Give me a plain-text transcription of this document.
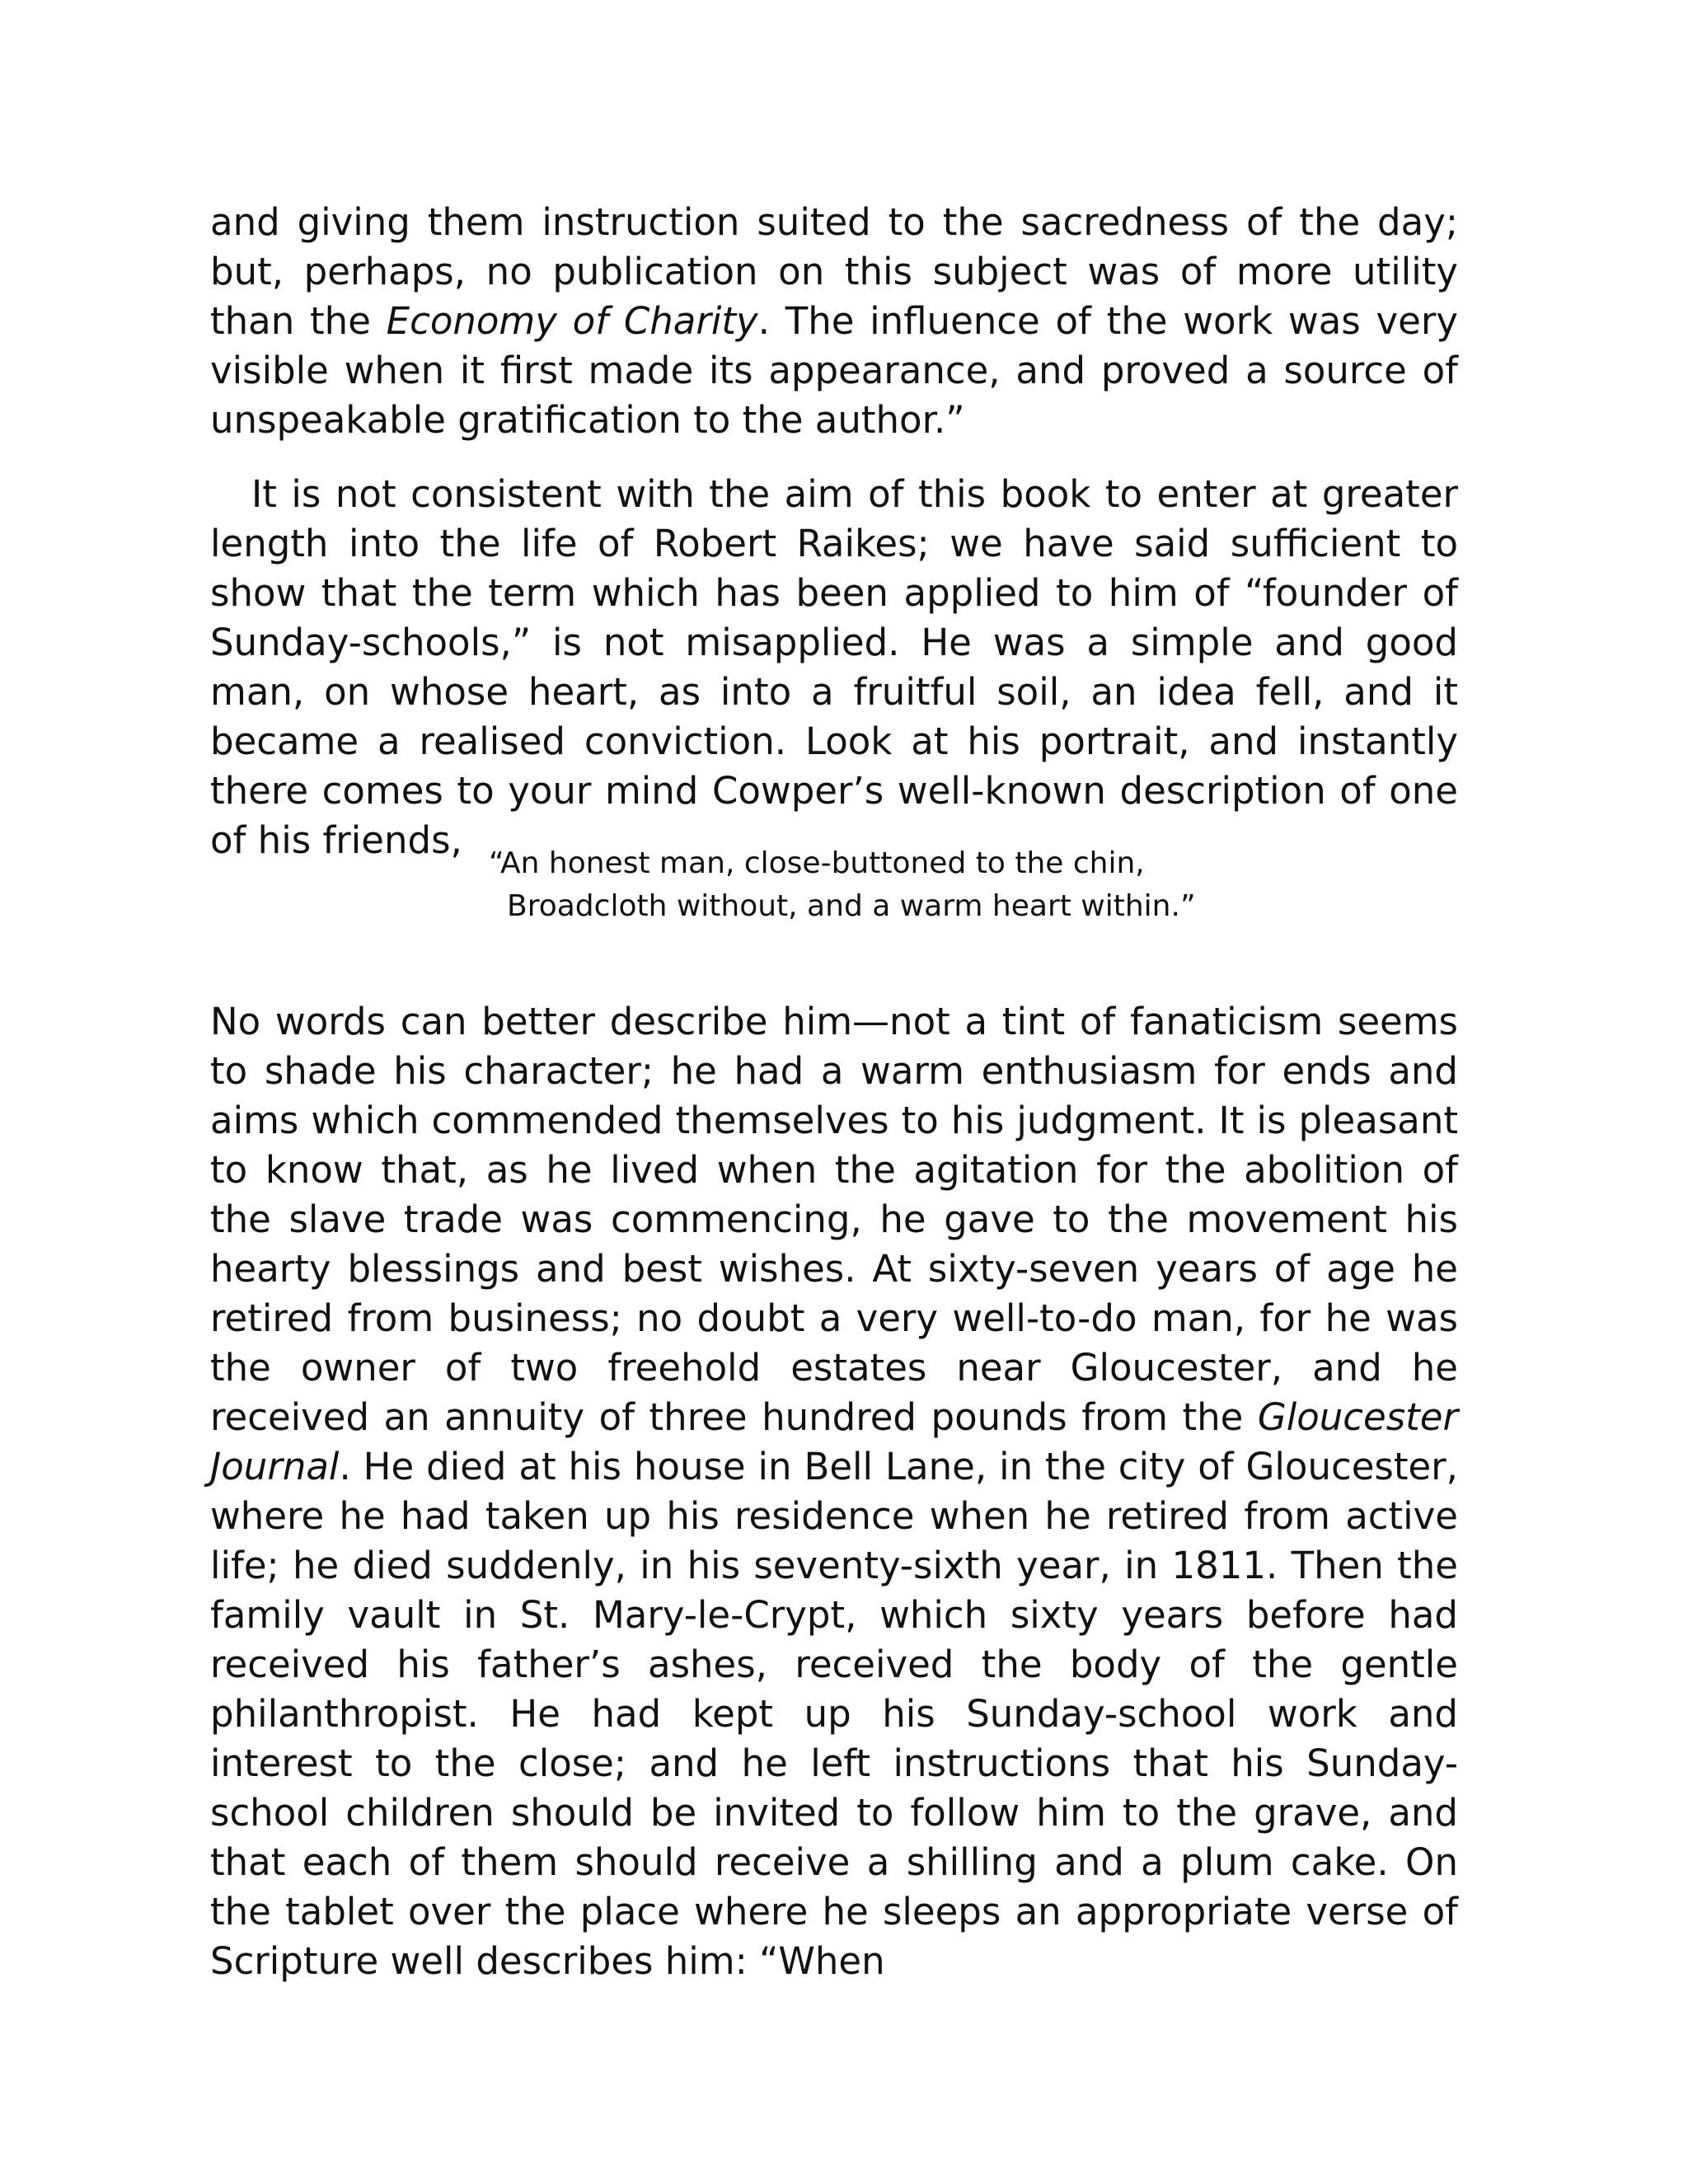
and giving them instruction suited to the sacredness of the day; but, perhaps, no publication on this subject was of more utility than the Economy of Charity. The influence of the work was very visible when it first made its appearance, and proved a source of unspeakable gratification to the author.”

It is not consistent with the aim of this book to enter at greater length into the life of Robert Raikes; we have said sufficient to show that the term which has been applied to him of “founder of Sunday-schools,” is not misapplied. He was a simple and good man, on whose heart, as into a fruitful soil, an idea fell, and it became a realised conviction. Look at his portrait, and instantly there comes to your mind Cowper’s well-known description of one of his friends,

“An honest man, close-buttoned to the chin,
Broadcloth without, and a warm heart within.”

No words can better describe him—not a tint of fanaticism seems to shade his character; he had a warm enthusiasm for ends and aims which commended themselves to his judgment. It is pleasant to know that, as he lived when the agitation for the abolition of the slave trade was commencing, he gave to the movement his hearty blessings and best wishes. At sixty-seven years of age he retired from business; no doubt a very well-to-do man, for he was the owner of two freehold estates near Gloucester, and he received an annuity of three hundred pounds from the Gloucester Journal. He died at his house in Bell Lane, in the city of Gloucester, where he had taken up his residence when he retired from active life; he died suddenly, in his seventy-sixth year, in 1811. Then the family vault in St. Mary-le-Crypt, which sixty years before had received his father’s ashes, received the body of the gentle philanthropist. He had kept up his Sunday-school work and interest to the close; and he left instructions that his Sunday-school children should be invited to follow him to the grave, and that each of them should receive a shilling and a plum cake. On the tablet over the place where he sleeps an appropriate verse of Scripture well describes him: “When
